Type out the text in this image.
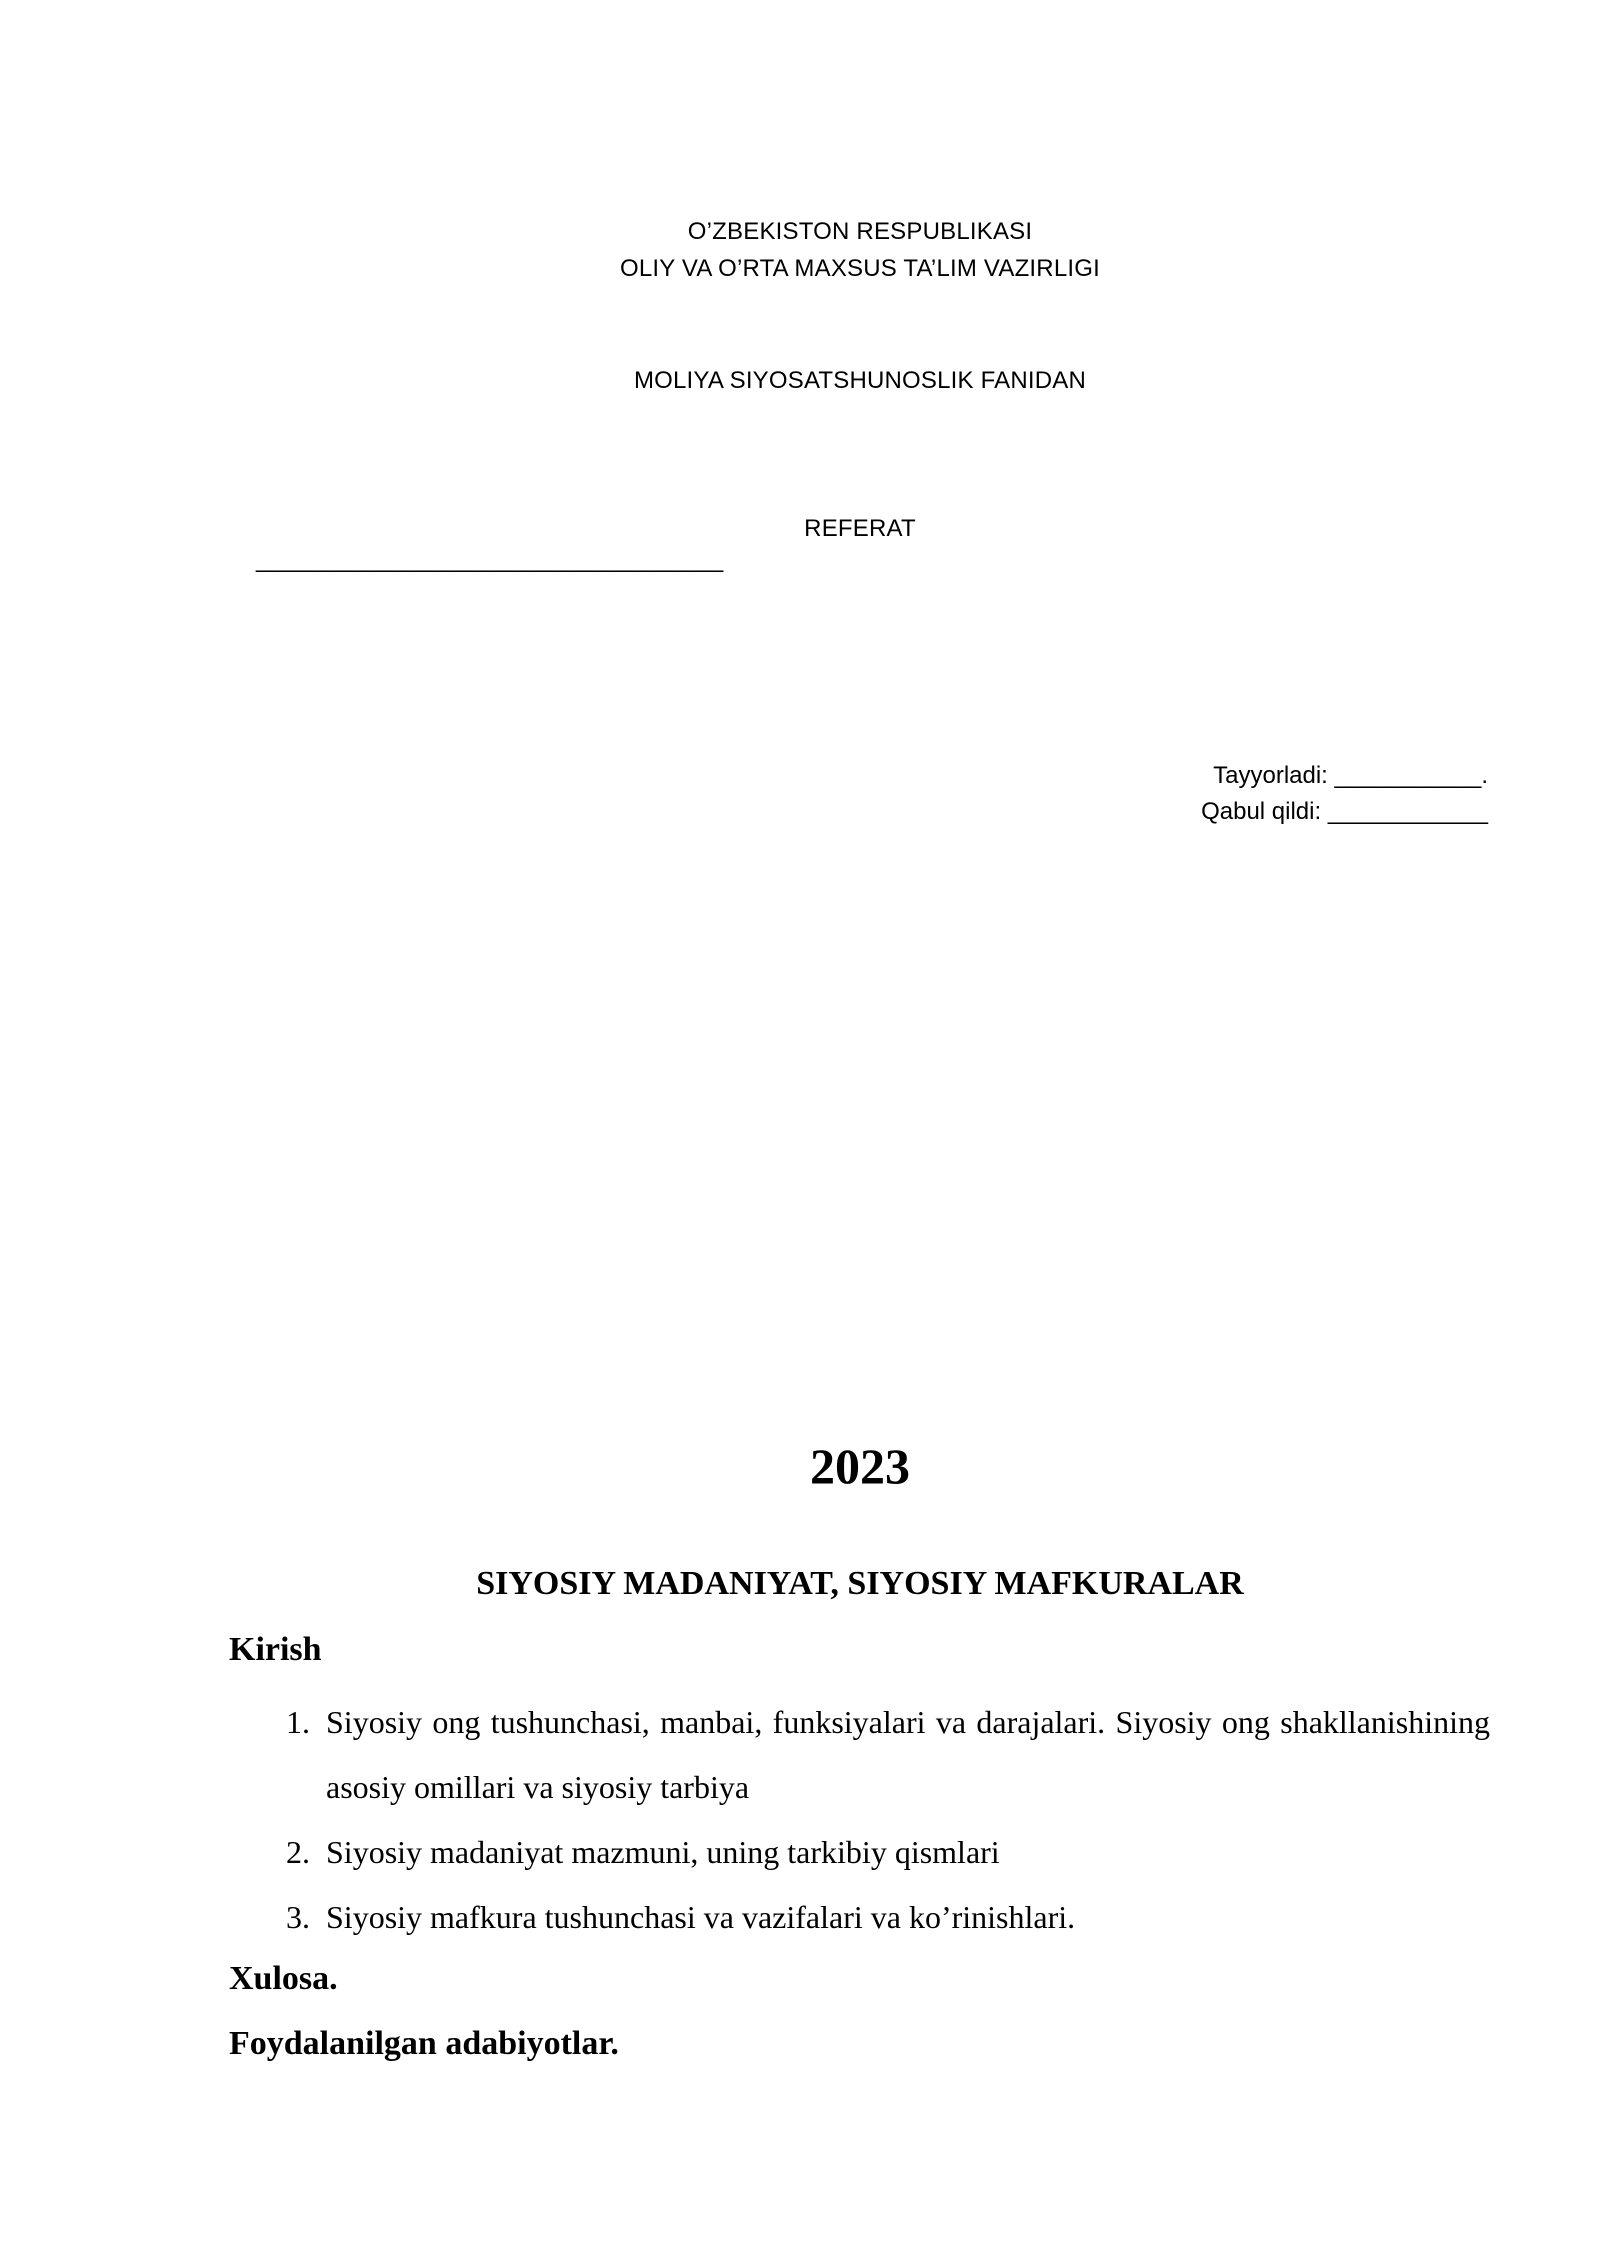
O’ZBEKISTON RESPUBLIKASI
OLIY VA O’RTA MAXSUS TA’LIM VAZIRLIGI
MOLIYA SIYOSATSHUNOSLIK FANIDAN
REFERAT
___________________________________
Tayyorladi: ___________.
Qabul qildi: ____________
2023
SIYOSIY MADANIYAT, SIYOSIY MAFKURALAR
Kirish
1. Siyosiy ong tushunchasi, manbai, funksiyalari va darajalari. Siyosiy ong shakllanishining asosiy omillari va siyosiy tarbiya
2. Siyosiy madaniyat mazmuni, uning tarkibiy qismlari
3. Siyosiy mafkura tushunchasi va vazifalari va ko’rinishlari.
Xulosa.
Foydalanilgan adabiyotlar.
